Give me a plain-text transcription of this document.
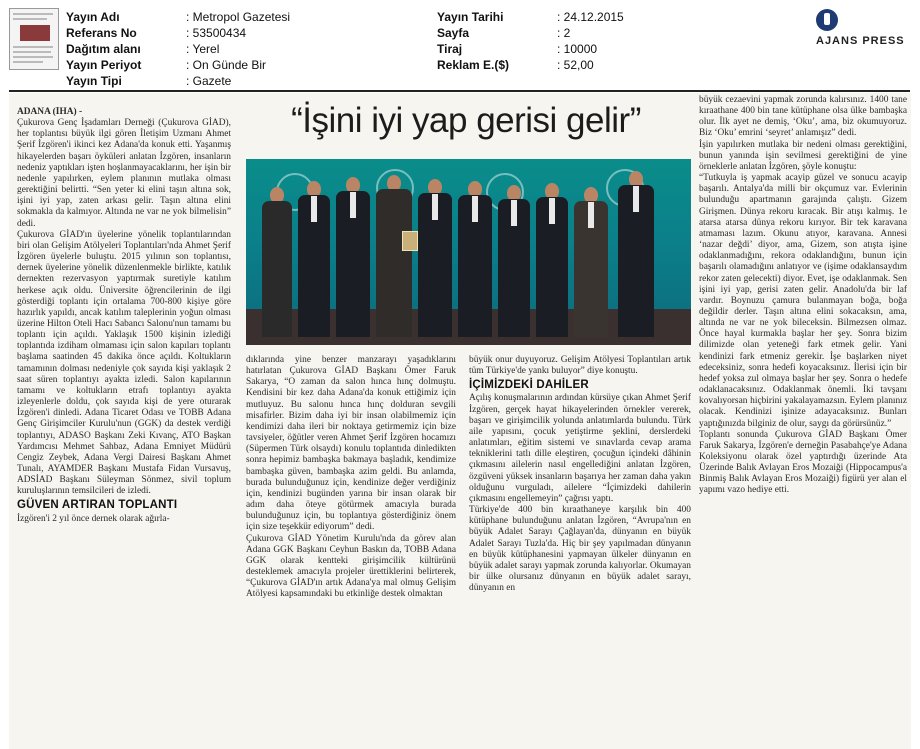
Yayın Adı	: Metropol Gazetesi
Referans No	: 53500434
Dağıtım alanı	: Yerel
Yayın Periyot	: On Günde Bir
Yayın Tipi	: Gazete
Yayın Tarihi	: 24.12.2015
Sayfa	: 2
Tiraj	: 10000
Reklam E.($)	: 52,00
AJANS PRESS

ADANA (İHA) -

Çukurova Genç İşadamları Derneği (Çukurova GİAD), her toplantısı büyük ilgi gören İletişim Uzmanı Ahmet Şerif İzgören'i ikinci kez Adana'da konuk etti. Yaşanmış hikayelerden başarı öyküleri anlatan İzgören, insanların nedeniz yaptıkları işten hoşlanmayacaklarını, her işin bir nedenle yapılırken, eylem planının mutlaka olması gerektiğini belirtti. “Sen yeter ki elini taşın altına sok, işini iyi yap, zaten arkası gelir. Taşın altına elini sokmakla da kalmıyor. Altında ne var ne yok bilmelisin” dedi.

Çukurova GİAD'ın üyelerine yönelik toplantılarından biri olan Gelişim Atölyeleri Toplantıları'nda Ahmet Şerif İzgören üyelerle buluştu. 2015 yılının son toplantısı, dernek üyelerine yönelik düzenlenmekle birlikte, katılık dernekten rezervasyon yaptırmak suretiyle katılım herkese açık oldu. Üniversite öğrencilerinin de ilgi gösterdiği toplantı için ortalama 700-800 kişiye göre hazırlık yapıldı, ancak katılım taleplerinin yoğun olması üzerine Hilton Oteli Hacı Sabancı Salonu'nun tamamı bu toplantı için açıldı. Yaklaşık 1500 kişinin izlediği toplantıda izdiham olmaması için salon kapıları toplantı başlama saatinden 45 dakika önce açıldı. Koltukların tamamının dolması nedeniyle çok sayıda kişi yaklaşık 2 saat süren toplantıyı ayakta izledi. Salon kapılarının tamamı ve koltukların etrafı toplantıyı ayakta izleyenlerle doldu, çok sayıda kişi de yere oturarak İzgören'i dinledi. Adana Ticaret Odası ve TOBB Adana Genç Girişimciler Kurulu'nun (GGK) da destek verdiği toplantıyı, ADASO Başkanı Zeki Kıvanç, ATO Başkan Yardımcısı Mehmet Sahbaz, Adana Emniyet Müdürü Cengiz Zeybek, Adana Vergi Dairesi Başkanı Ahmet Tunalı, AYAMDER Başkanı Mustafa Fidan Vursavuş, ADSİAD Başkanı Süleyman Sönmez, sivil toplum kuruluşlarının temsilcileri de izledi.

GÜVEN ARTIRAN TOPLANTI

İzgören'i 2 yıl önce dernek olarak ağırla-

“İşini iyi yap gerisi gelir”

dıklarında yine benzer manzarayı yaşadıklarını hatırlatan Çukurova GİAD Başkanı Ömer Faruk Sakarya, “O zaman da salon hınca hınç dolmuştu. Kendisini bir kez daha Adana'da konuk ettiğimiz için mutluyuz. Bu salonu hınca hınç dolduran sevgili misafirler. Bizim daha iyi bir insan olabilmemiz için kendimizi daha ileri bir noktaya getirmemiz için bize tavsiyeler, öğütler veren Ahmet Şerif İzgören hocamızı (Süpermen Türk olsaydı) konulu toplantıda dinledikten sonra hepimiz bambaşka bakmaya başladık, kendimize bambaşka güven, bambaşka azim geldi. Bu anlamda, burada bulunduğunuz için, kendinize değer verdiğiniz için, kendinizi bugünden yarına bir insan olarak bir adım daha öteye götürmek amacıyla burada bulunduğunuz için, bu toplantıya gösterdiğiniz önem için size teşekkür ediyorum” dedi.

Çukurova GİAD Yönetim Kurulu'nda da görev alan Adana GGK Başkanı Ceyhun Baskın da, TOBB Adana GGK olarak kentteki girişimcilik kültürünü desteklemek amacıyla projeler ürettiklerini belirterek, “Çukurova GİAD'ın artık Adana'ya mal olmuş Gelişim Atölyesi kapsamındaki bu etkinliğe destek olmaktan

büyük onur duyuyoruz. Gelişim Atölyesi Toplantıları artık tüm Türkiye'de yankı buluyor” diye konuştu.

İÇİMİZDEKİ DAHİLER

Açılış konuşmalarının ardından kürsüye çıkan Ahmet Şerif İzgören, gerçek hayat hikayelerinden örnekler vererek, başarı ve girişimcilik yolunda anlatımlarda bulundu. Türk aile yapısını, çocuk yetiştirme şeklini, derslerdeki anlatımları, eğitim sistemi ve sınavlarda cevap arama tekniklerini tatlı dille eleştiren, çocuğun içindeki dâhinin çıkmasını ailelerin nasıl engellediğini anlatan İzgören, özgüveni yüksek insanların başarıya her zaman daha yakın olduğunu vurguladı, ailelere “İçimizdeki dahilerin çıkmasını engellemeyin” çağrısı yaptı.

Türkiye'de 400 bin kıraathaneye karşılık bin 400 kütüphane bulunduğunu anlatan İzgören, “Avrupa'nın en büyük Adalet Sarayı Çağlayan'da, dünyanın en büyük Adalet Sarayı Tuzla'da. Hiç bir şey yapılmadan dünyanın en büyük kütüphanesini yapmayan ülkeler dünyanın en büyük adalet sarayı yapmak zorunda kalıyorlar. Okumayan bir ülke olursanız dünyanın en büyük adalet sarayı, dünyanın en

büyük cezaevini yapmak zorunda kalırsınız. 1400 tane kıraathane 400 bin tane kütüphane olsa ülke bambaşka olur. İlk ayet ne demiş, ‘Oku’, ama, biz okumuyoruz. Biz ‘Oku’ emrini ‘seyret’ anlamışız” dedi.

İşin yapılırken mutlaka bir nedeni olması gerektiğini, bunun yanında işin sevilmesi gerektiğini de yine örneklerle anlatan İzgören, şöyle konuştu:

“Tutkuyla iş yapmak acayip güzel ve sonucu acayip başarılı. Antalya'da milli bir okçumuz var. Evlerinin bulunduğu apartmanın garajında çalıştı. Gizem Girişmen. Dünya rekoru kıracak. Bir atışı kalmış. 1e atarsa atarsa dünya rekoru kırıyor. Bir tek karavana atmaması lazım. Okunu atıyor, karavana. Annesi ‘nazar değdi’ diyor, ama, Gizem, son atışta işine odaklanmadığını, rekora odaklandığını, bunun için başarılı olamadığını anlatıyor ve (işime odaklansaydım rekor zaten gelecekti) diyor. Evet, işe odaklanmak. Sen işini iyi yap, gerisi zaten gelir. Anadolu'da bir laf vardır. Boynuzu çamura bulanmayan boğa, boğa değildir derler. Taşın altına elini sokacaksın, ama, altında ne var ne yok bileceksin. Bilmezsen olmaz. Önce hayal kurmakla başlar her şey. Sonra bizim dilimizde olan yeteneği fark etmek gelir. Yani kendinizi fark etmeniz gerekir. İşe başlarken niyet edeceksiniz, sonra hedefi koyacaksınız. İlerisi için bir hedef yoksa zul olmaya başlar her şey. Sonra o hedefe odaklanacaksınız. Odaklanmak önemli. İki tavşanı kovalıyorsan hiçbirini yakalayamazsın. Eylem planınız olacak. Kendinizi işinize adayacaksınız. Bunları yaptığınızda bilginiz de olur, saygı da görürsünüz.”

Toplantı sonunda Çukurova GİAD Başkanı Ömer Faruk Sakarya, İzgören'e derneğin Pasabahçe'ye Adana Koleksiyonu olarak özel yaptırdığı üzerinde Ata Üzerinde Balık Avlayan Eros Mozaiği (Hippocampus'a Binmiş Balık Avlayan Eros Mozaiği) figürü yer alan el yapımı vazo hediye etti.
